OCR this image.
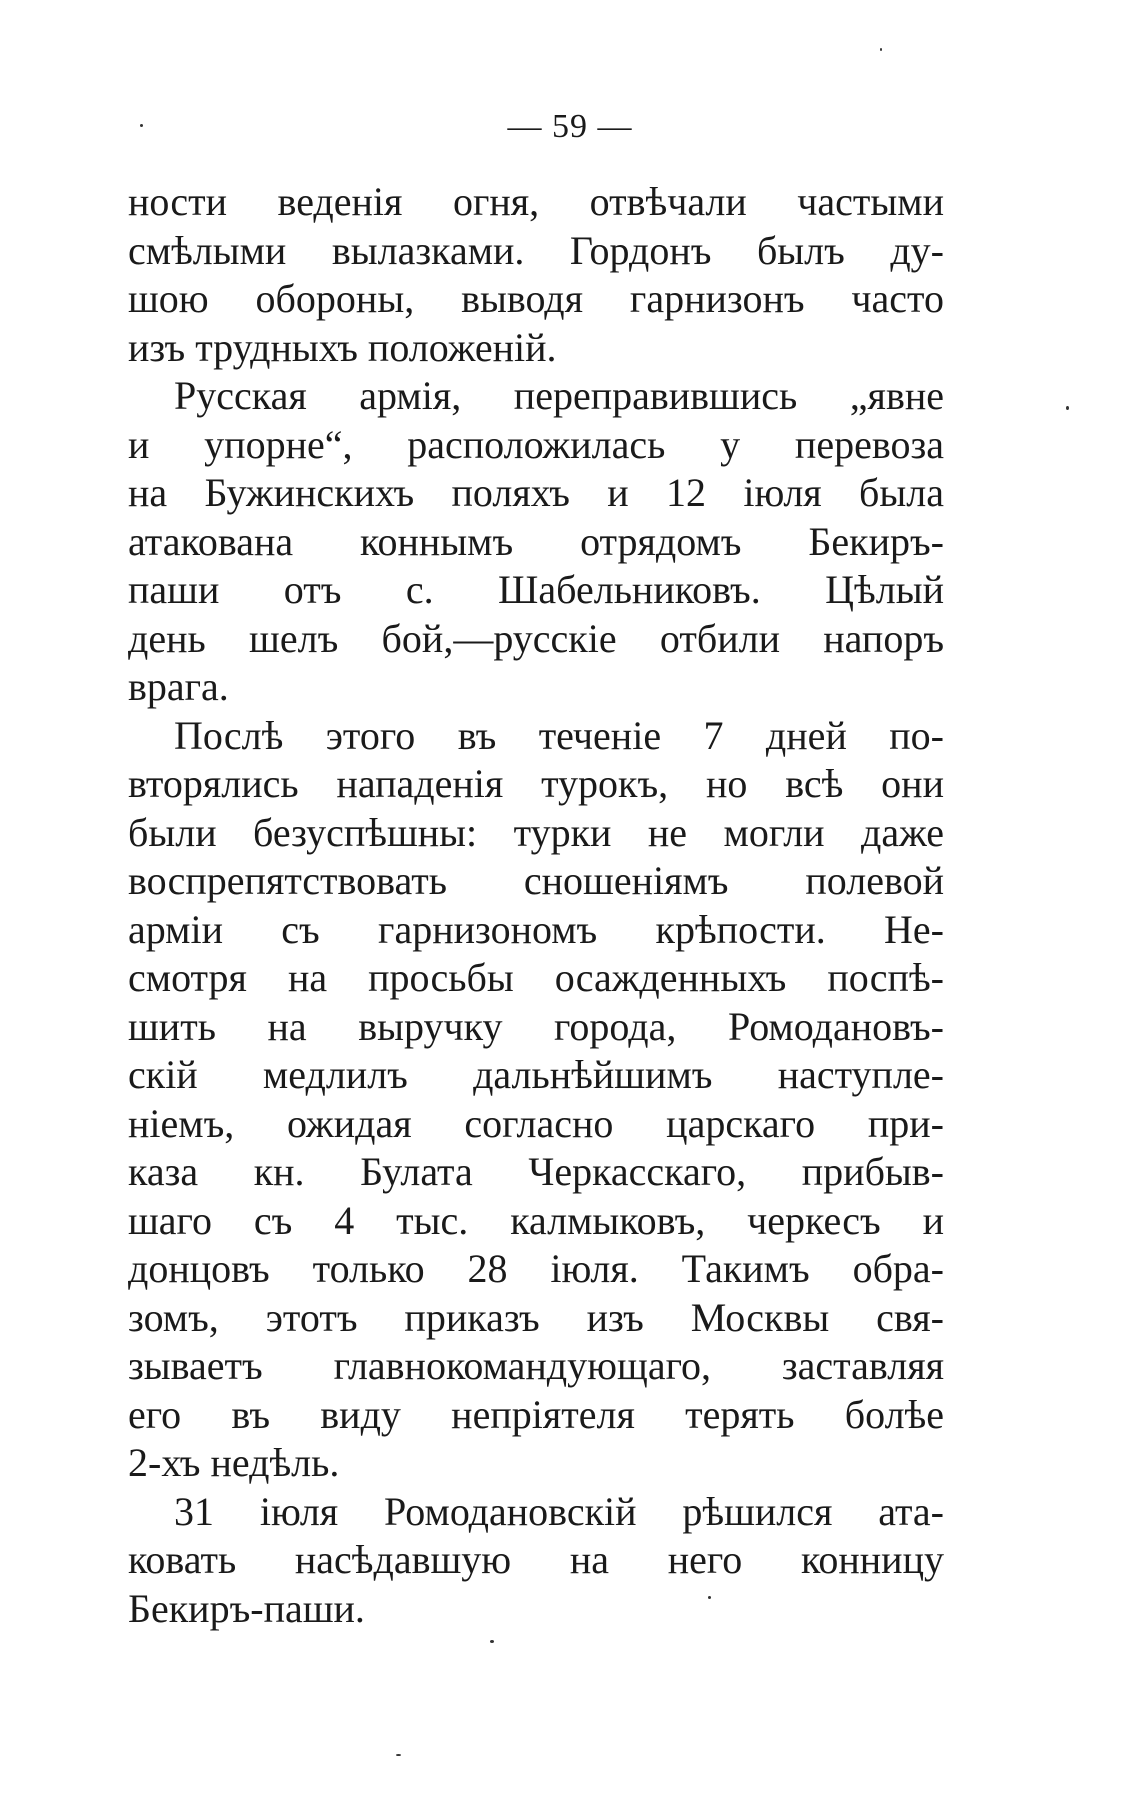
— 59 —
ности веденія огня, отвѣчали частыми
смѣлыми вылазками. Гордонъ былъ ду-
шою обороны, выводя гарнизонъ часто
изъ трудныхъ положеній.
Русская армія, переправившись „явне
и упорне“, расположилась у перевоза
на Бужинскихъ поляхъ и 12 іюля была
атакована коннымъ отрядомъ Бекиръ-
паши отъ с. Шабельниковъ. Цѣлый
день шелъ бой,—русскіе отбили напоръ
врага.
Послѣ этого въ теченіе 7 дней по-
вторялись нападенія турокъ, но всѣ они
были безуспѣшны: турки не могли даже
воспрепятствовать сношеніямъ полевой
арміи съ гарнизономъ крѣпости. Не-
смотря на просьбы осажденныхъ поспѣ-
шить на выручку города, Ромодановъ-
скій медлилъ дальнѣйшимъ наступле-
ніемъ, ожидая согласно царскаго при-
каза кн. Булата Черкасскаго, прибыв-
шаго съ 4 тыс. калмыковъ, черкесъ и
донцовъ только 28 іюля. Такимъ обра-
зомъ, этотъ приказъ изъ Москвы свя-
зываетъ главнокомандующаго, заставляя
его въ виду непріятеля терять болѣе
2-хъ недѣль.
31 іюля Ромодановскій рѣшился ата-
ковать насѣдавшую на него конницу
Бекиръ-паши.
